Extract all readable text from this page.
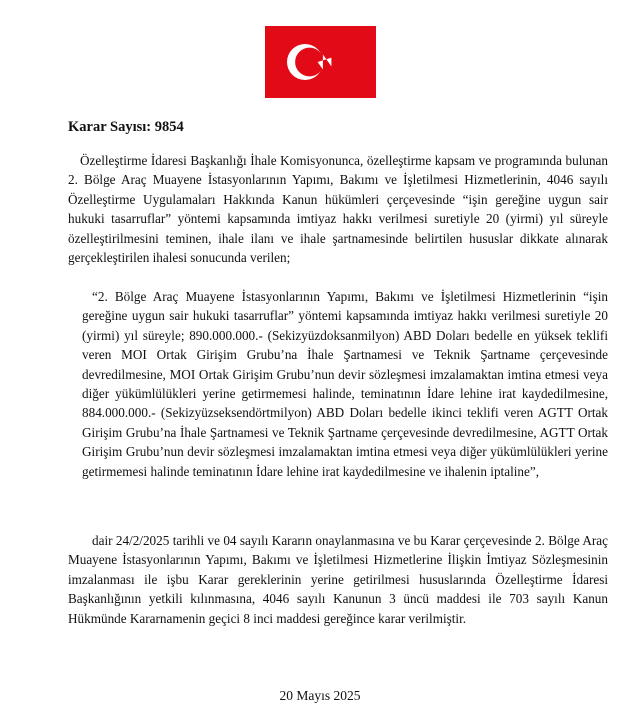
Karar Sayısı: 9854

Özelleştirme İdaresi Başkanlığı İhale Komisyonunca, özelleştirme kapsam ve programında bulunan 2. Bölge Araç Muayene İstasyonlarının Yapımı, Bakımı ve İşletilmesi Hizmetlerinin, 4046 sayılı Özelleştirme Uygulamaları Hakkında Kanun hükümleri çerçevesinde “işin gereğine uygun sair hukuki tasarruflar” yöntemi kapsamında imtiyaz hakkı verilmesi suretiyle 20 (yirmi) yıl süreyle özelleştirilmesini teminen, ihale ilanı ve ihale şartnamesinde belirtilen hususlar dikkate alınarak gerçekleştirilen ihalesi sonucunda verilen;

“2. Bölge Araç Muayene İstasyonlarının Yapımı, Bakımı ve İşletilmesi Hizmetlerinin “işin gereğine uygun sair hukuki tasarruflar” yöntemi kapsamında imtiyaz hakkı verilmesi suretiyle 20 (yirmi) yıl süreyle; 890.000.000.- (Sekizyüzdoksanmilyon) ABD Doları bedelle en yüksek teklifi veren MOI Ortak Girişim Grubu’na İhale Şartnamesi ve Teknik Şartname çerçevesinde devredilmesine, MOI Ortak Girişim Grubu’nun devir sözleşmesi imzalamaktan imtina etmesi veya diğer yükümlülükleri yerine getirmemesi halinde, teminatının İdare lehine irat kaydedilmesine, 884.000.000.- (Sekizyüzseksendörtmilyon) ABD Doları bedelle ikinci teklifi veren AGTT Ortak Girişim Grubu’na İhale Şartnamesi ve Teknik Şartname çerçevesinde devredilmesine, AGTT Ortak Girişim Grubu’nun devir sözleşmesi imzalamaktan imtina etmesi veya diğer yükümlülükleri yerine getirmemesi halinde teminatının İdare lehine irat kaydedilmesine ve ihalenin iptaline”,

dair 24/2/2025 tarihli ve 04 sayılı Kararın onaylanmasına ve bu Karar çerçevesinde 2. Bölge Araç Muayene İstasyonlarının Yapımı, Bakımı ve İşletilmesi Hizmetlerine İlişkin İmtiyaz Sözleşmesinin imzalanması ile işbu Karar gereklerinin yerine getirilmesi hususlarında Özelleştirme İdaresi Başkanlığının yetkili kılınmasına, 4046 sayılı Kanunun 3 üncü maddesi ile 703 sayılı Kanun Hükmünde Kararnamenin geçici 8 inci maddesi gereğince karar verilmiştir.

20 Mayıs 2025
